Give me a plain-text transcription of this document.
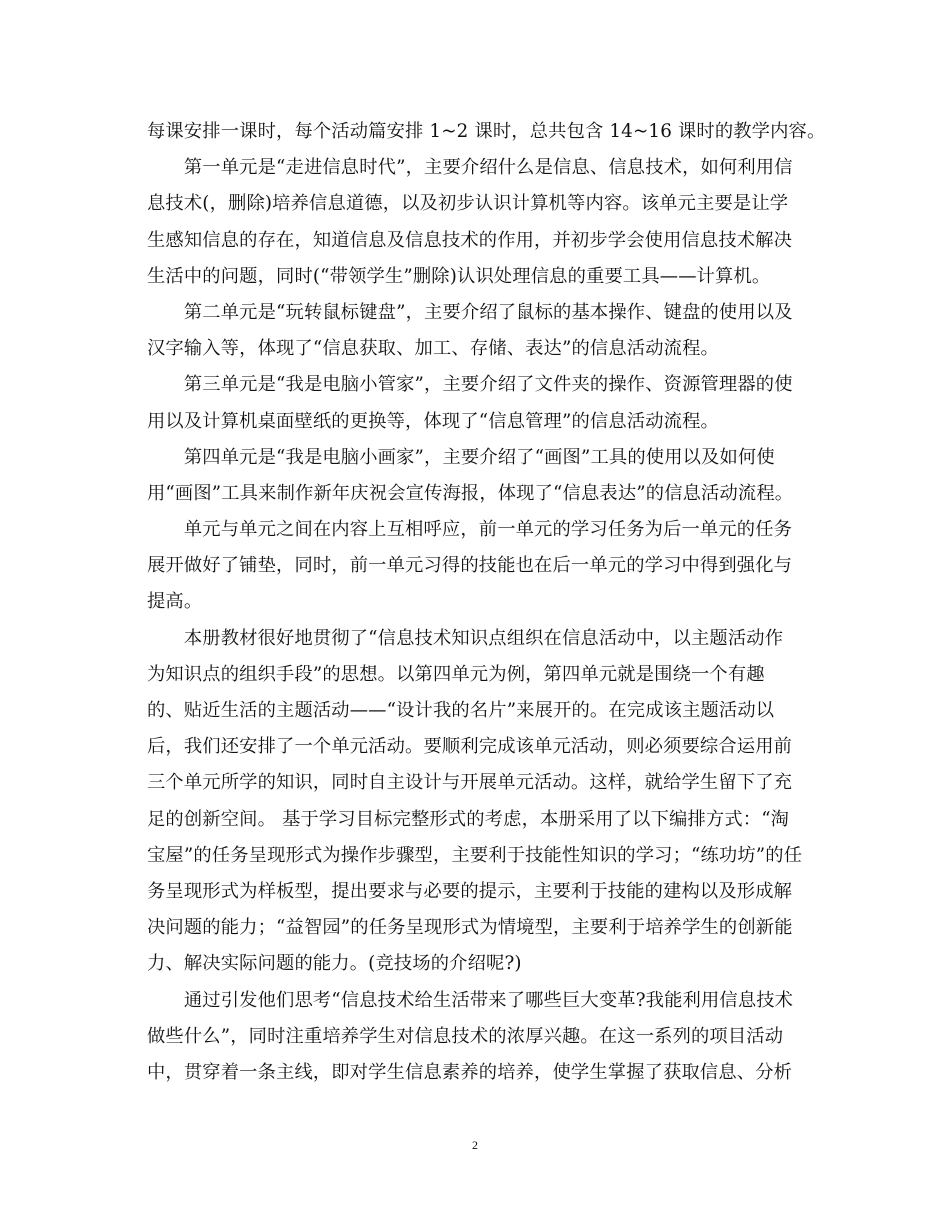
每课安排一课时，每个活动篇安排 1~2 课时，总共包含 14~16 课时的教学内容。
　　第一单元是“走进信息时代”，主要介绍什么是信息、信息技术，如何利用信
息技术(，删除)培养信息道德，以及初步认识计算机等内容。该单元主要是让学
生感知信息的存在，知道信息及信息技术的作用，并初步学会使用信息技术解决
生活中的问题，同时(“带领学生”删除)认识处理信息的重要工具——计算机。
　　第二单元是“玩转鼠标键盘”，主要介绍了鼠标的基本操作、键盘的使用以及
汉字输入等，体现了“信息获取、加工、存储、表达”的信息活动流程。
　　第三单元是“我是电脑小管家”，主要介绍了文件夹的操作、资源管理器的使
用以及计算机桌面壁纸的更换等，体现了“信息管理”的信息活动流程。
　　第四单元是“我是电脑小画家”，主要介绍了“画图”工具的使用以及如何使
用“画图”工具来制作新年庆祝会宣传海报，体现了“信息表达”的信息活动流程。
　　单元与单元之间在内容上互相呼应，前一单元的学习任务为后一单元的任务
展开做好了铺垫，同时，前一单元习得的技能也在后一单元的学习中得到强化与
提高。
　　本册教材很好地贯彻了“信息技术知识点组织在信息活动中，以主题活动作
为知识点的组织手段”的思想。以第四单元为例，第四单元就是围绕一个有趣
的、贴近生活的主题活动——“设计我的名片”来展开的。在完成该主题活动以
后，我们还安排了一个单元活动。要顺利完成该单元活动，则必须要综合运用前
三个单元所学的知识，同时自主设计与开展单元活动。这样，就给学生留下了充
足的创新空间。 基于学习目标完整形式的考虑，本册采用了以下编排方式：“淘
宝屋”的任务呈现形式为操作步骤型，主要利于技能性知识的学习；“练功坊”的任
务呈现形式为样板型，提出要求与必要的提示，主要利于技能的建构以及形成解
决问题的能力；“益智园”的任务呈现形式为情境型，主要利于培养学生的创新能
力、解决实际问题的能力。(竞技场的介绍呢?)
　　通过引发他们思考“信息技术给生活带来了哪些巨大变革?我能利用信息技术
做些什么”，同时注重培养学生对信息技术的浓厚兴趣。在这一系列的项目活动
中，贯穿着一条主线，即对学生信息素养的培养，使学生掌握了获取信息、分析
2
